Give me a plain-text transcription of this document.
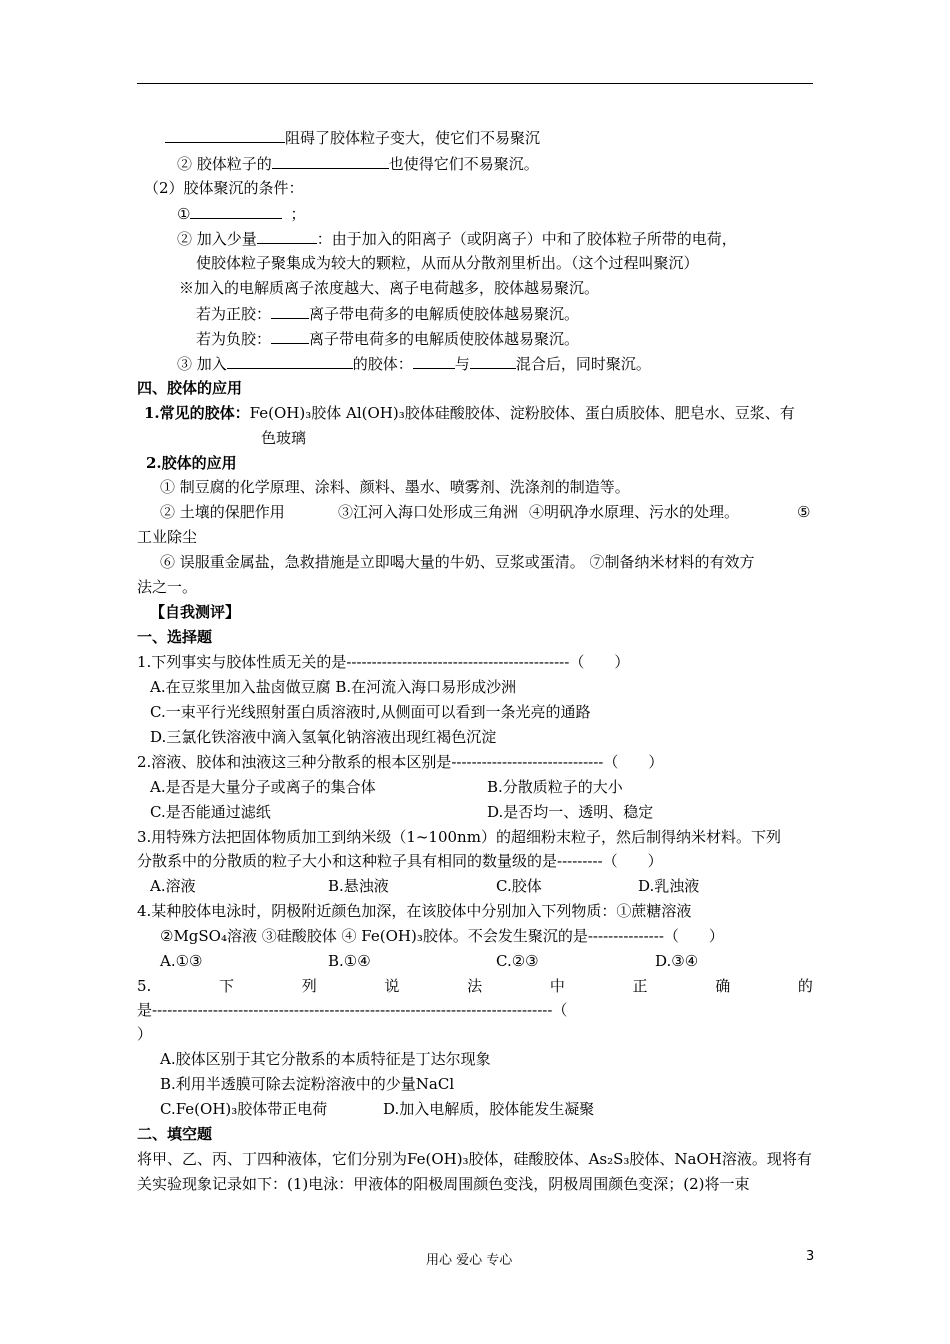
阻碍了胶体粒子变大，使它们不易聚沉
② 胶体粒子的	也使得它们不易聚沉。
（2）胶体聚沉的条件：
①	；
② 加入少量	：由于加入的阳离子（或阴离子）中和了胶体粒子所带的电荷，
使胶体粒子聚集成为较大的颗粒，从而从分散剂里析出。（这个过程叫聚沉）
※加入的电解质离子浓度越大、离子电荷越多，胶体越易聚沉。
若为正胶：	离子带电荷多的电解质使胶体越易聚沉。
若为负胶：	离子带电荷多的电解质使胶体越易聚沉。
③ 加入	的胶体：	与	混合后，同时聚沉。
四、胶体的应用
1.常见的胶体：Fe(OH)₃胶体 Al(OH)₃胶体硅酸胶体、淀粉胶体、蛋白质胶体、肥皂水、豆浆、有
色玻璃
2.胶体的应用
① 制豆腐的化学原理、涂料、颜料、墨水、喷雾剂、洗涤剂的制造等。
② 土壤的保肥作用	③江河入海口处形成三角洲 ④明矾净水原理、污水的处理。	⑤
工业除尘
⑥ 误服重金属盐，急救措施是立即喝大量的牛奶、豆浆或蛋清。 ⑦制备纳米材料的有效方
法之一。
【自我测评】
一、选择题
1.下列事实与胶体性质无关的是--------------------------------------------（　　）
A.在豆浆里加入盐卤做豆腐 B.在河流入海口易形成沙洲
C.一束平行光线照射蛋白质溶液时,从侧面可以看到一条光亮的通路
D.三氯化铁溶液中滴入氢氧化钠溶液出现红褐色沉淀
2.溶液、胶体和浊液这三种分散系的根本区别是------------------------------（　　）
A.是否是大量分子或离子的集合体	B.分散质粒子的大小
C.是否能通过滤纸	D.是否均一、透明、稳定
3.用特殊方法把固体物质加工到纳米级（1~100nm）的超细粉末粒子，然后制得纳米材料。下列
分散系中的分散质的粒子大小和这种粒子具有相同的数量级的是---------（　　）
A.溶液	B.悬浊液	C.胶体	D.乳浊液
4.某种胶体电泳时，阴极附近颜色加深，在该胶体中分别加入下列物质：①蔗糖溶液
②MgSO₄溶液 ③硅酸胶体 ④ Fe(OH)₃胶体。不会发生聚沉的是---------------（　　）
A.①③	B.①④	C.②③	D.③④
5.	下	列	说	法	中	正	确	的
是-------------------------------------------------------------------------------（
）
A.胶体区别于其它分散系的本质特征是丁达尔现象
B.利用半透膜可除去淀粉溶液中的少量NaCl
C.Fe(OH)₃胶体带正电荷	D.加入电解质，胶体能发生凝聚
二、填空题
将甲、乙、丙、丁四种液体，它们分别为Fe(OH)₃胶体，硅酸胶体、As₂S₃胶体、NaOH溶液。现将有
关实验现象记录如下：(1)电泳：甲液体的阳极周围颜色变浅，阴极周围颜色变深；(2)将一束
用心 爱心 专心	3
